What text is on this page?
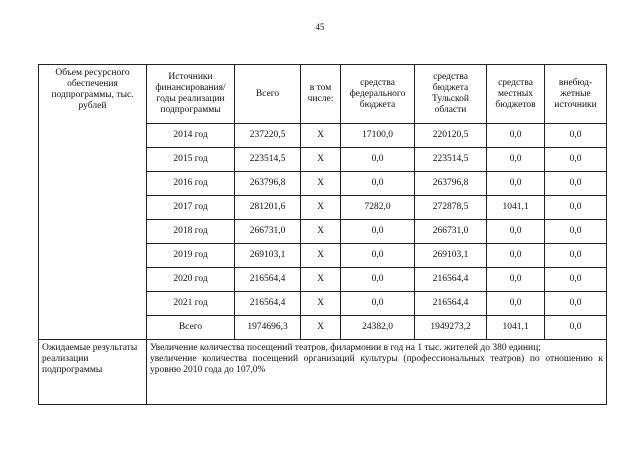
45
Объем ресурсного обеспечения подпрограммы, тыс. рублей	Источники финансирования/ годы реализации подпрограммы	Всего	в том числе:	средства федерального бюджета	средства бюджета Тульской области	средства местных бюджетов	внебюд-жетные источники
	2014 год	237220,5	Х	17100,0	220120,5	0,0	0,0
	2015 год	223514,5	Х	0,0	223514,5	0,0	0,0
	2016 год	263796,8	Х	0,0	263796,8	0,0	0,0
	2017 год	281201,6	Х	7282,0	272878,5	1041,1	0,0
	2018 год	266731,0	Х	0,0	266731,0	0,0	0,0
	2019 год	269103,1	Х	0,0	269103,1	0,0	0,0
	2020 год	216564,4	Х	0,0	216564,4	0,0	0,0
	2021 год	216564,4	Х	0,0	216564,4	0,0	0,0
	Всего	1974696,3	Х	24382,0	1949273,2	1041,1	0,0
Ожидаемые результаты реализации подпрограммы	Увеличение количества посещений театров, филармонии в год на 1 тыс. жителей до 380 единиц;
увеличение количества посещений организаций культуры (профессиональных театров) по отношению к уровню 2010 года до 107,0%						
